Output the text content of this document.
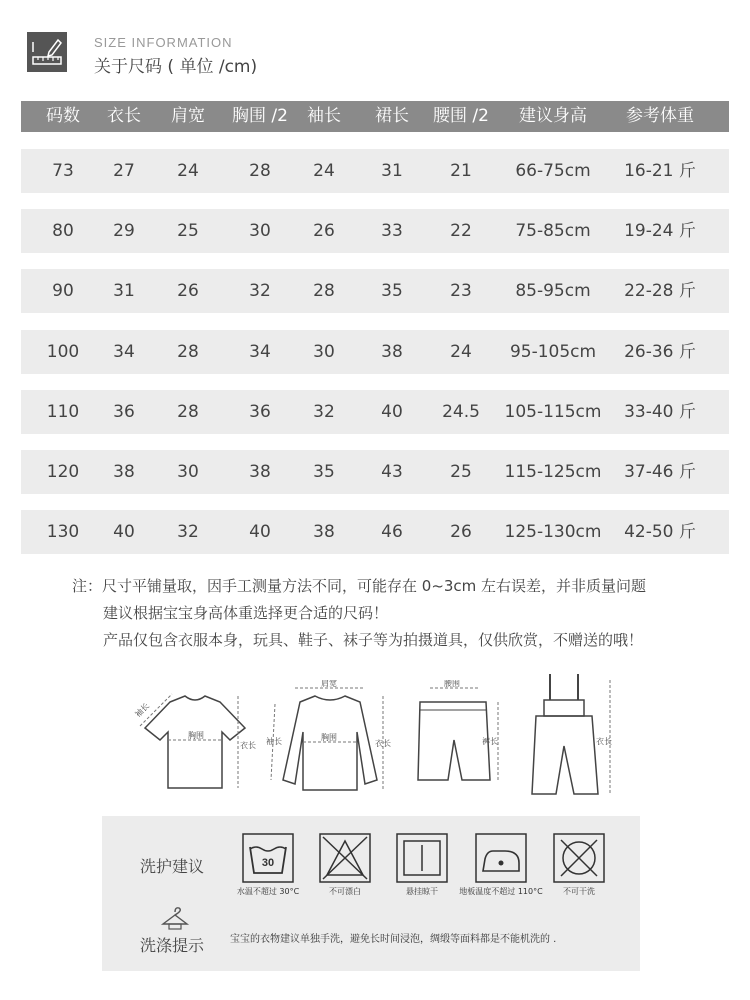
SIZE INFORMATION
关于尺码 ( 单位 /cm)
码数 衣长 肩宽 胸围 /2 袖长 裙长 腰围 /2 建议身高 参考体重
73 27 24	28 24	31	21	66-75cm 16-21 斤
80 29 25	30 26	33	22	75-85cm 19-24 斤
90 31 26	32 28	35	23	85-95cm 22-28 斤
100 34 28	34 30	38	24 95-105cm 26-36 斤
110 36 28	36 32	40 24.5 105-115cm 33-40 斤
120 38 30	38 35	43	25 115-125cm 37-46 斤
130 40 32	40 38	46	26 125-130cm 42-50 斤
注：尺寸平铺量取，因手工测量方法不同，可能存在 0~3cm 左右误差，并非质量问题
建议根据宝宝身高体重选择更合适的尺码！
产品仅包含衣服本身，玩具、鞋子、袜子等为拍摄道具，仅供欣赏，不赠送的哦！
袖长
胸围
衣长
肩宽
袖长	胸围
衣长
腰围
裤长	衣长
洗护建议	30
水温不超过 30°C	不可漂白	悬挂晾干	地板温度不超过 110°C	不可干洗
洗涤提示	宝宝的衣物建议单独手洗，避免长时间浸泡，绸缎等面料都是不能机洗的 .
